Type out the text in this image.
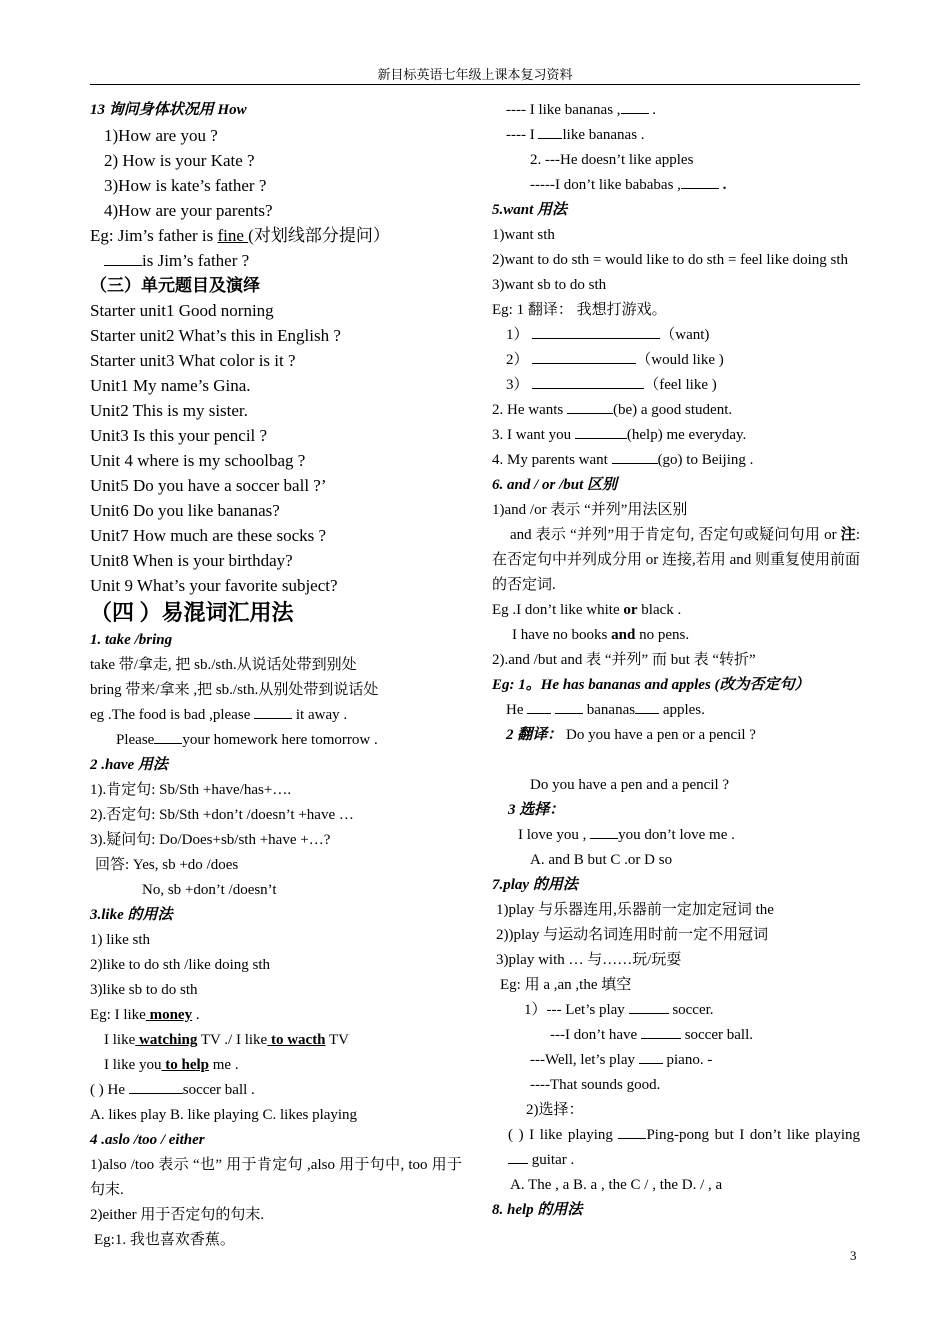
新目标英语七年级上课本复习资料
13 询问身体状况用 How
1)How are you ?
2) How is your Kate ?
3)How is kate’s father ?
4)How are your parents?
Eg: Jim’s father is fine (对划线部分提问）
is Jim’s father ?
（三）单元题目及演绎
Starter unit1 Good norning
Starter unit2 What’s this in English ?
Starter unit3 What color is it ?
Unit1 My name’s Gina.
Unit2 This is my sister.
Unit3 Is this your pencil ?
Unit 4 where is my schoolbag ?
Unit5 Do you have a soccer ball ?’
Unit6 Do you like bananas?
Unit7 How much are these socks ?
Unit8 When is your birthday?
Unit 9 What’s your favorite subject?
（四 ）易混词汇用法
1. take /bring
take 带/拿走, 把 sb./sth.从说话处带到别处
bring 带来/拿来 ,把 sb./sth.从别处带到说话处
eg .The food is bad ,please	it away .
Please your homework here tomorrow .
2 .have 用法
1).肯定句: Sb/Sth +have/has+….
2).否定句: Sb/Sth +don’t /doesn’t +have …
3).疑问句: Do/Does+sb/sth +have +…?
回答: Yes, sb +do /does
No, sb +don’t /doesn’t
3.like 的用法
1) like sth
2)like to do sth /like doing sth
3)like sb to do sth
Eg: I like money .
I like watching TV ./ I like to wacth TV
I like you to help me .
( ) He	soccer ball .
A. likes play B. like playing C. likes playing
4 .aslo /too / either
1)also /too 表示 “也” 用于肯定句 ,also 用于句中, too 用于句末.
2)either 用于否定句的句末.
Eg:1. 我也喜欢香蕉。
---- I like bananas , .
---- I like bananas .
2. ---He doesn’t like apples
-----I don’t like bababas ,	.
5.want 用法
1)want sth
2)want to do sth = would like to do sth = feel like doing sth
3)want sb to do sth
Eg: 1 翻译： 我想打游戏。
1）	（want)
2）	（would like )
3）	（feel like )
2. He wants	(be) a good student.
3. I want you	(help) me everyday.
4. My parents want	(go) to Beijing .
6. and / or /but 区别
1)and /or 表示 “并列”用法区别
and 表示 “并列”用于肯定句, 否定句或疑问句用 or 注:在否定句中并列成分用 or 连接,若用 and 则重复使用前面的否定词.
Eg .I don’t like white or black .
I have no books and no pens.
2).and /but and 表 “并列” 而 but 表 “转折”
Eg: 1。He has bananas and apples (改为否定句）
He	bananas apples.
2 翻译： Do you have a pen or a pencil ?
Do you have a pen and a pencil ?
3 选择：
I love you , you don’t love me .
A. and B but C .or D so
7.play 的用法
1)play 与乐器连用,乐器前一定加定冠词 the
2))play 与运动名词连用时前一定不用冠词
3)play with … 与……玩/玩耍
Eg: 用 a ,an ,the 填空
1）--- Let’s play	soccer.
---I don’t have	soccer ball.
---Well, let’s play  piano. -
----That sounds good.
2)选择：
( ) I like playing Ping-pong but I don’t like playing guitar .
A. The , a B. a , the C / , the D. / , a
8. help 的用法
3
